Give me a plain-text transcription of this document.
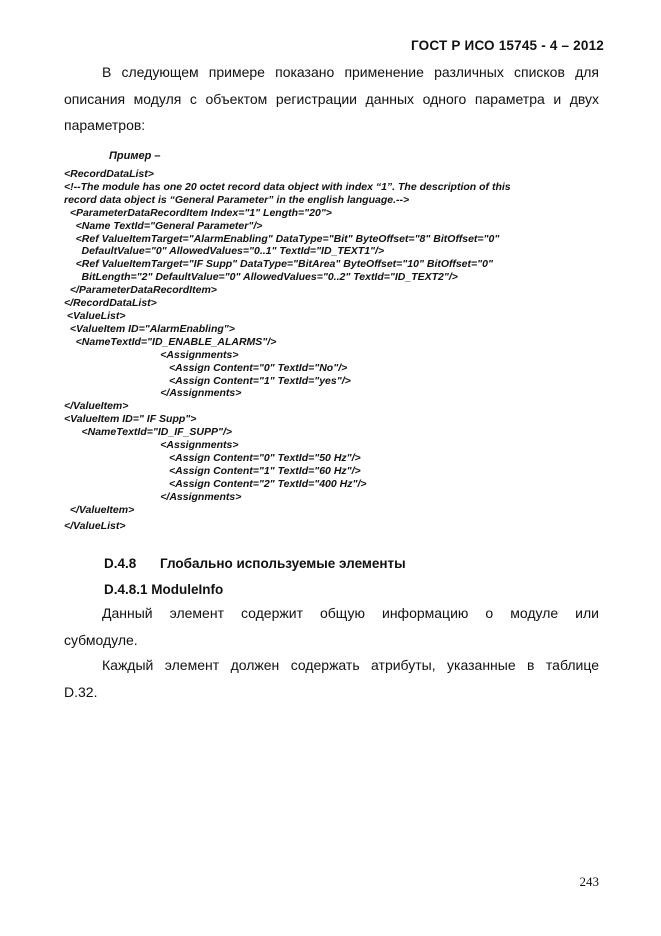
ГОСТ Р ИСО 15745 - 4 – 2012
В следующем примере показано применение различных списков для
описания модуля с объектом регистрации данных одного параметра и двух
параметров:
Пример –
<RecordDataList>
<!--The module has one 20 octet record data object with index “1”. The description of this
record data object is “General Parameter” in the english language.-->
<ParameterDataRecordItem Index="1" Length="20">
<Name TextId="General Parameter"/>
<Ref ValueItemTarget="AlarmEnabling" DataType="Bit" ByteOffset="8" BitOffset="0"
DefaultValue="0" AllowedValues="0..1" TextId="ID_TEXT1"/>
<Ref ValueItemTarget="IF Supp" DataType="BitArea" ByteOffset="10" BitOffset="0"
BitLength="2" DefaultValue="0" AllowedValues="0..2" TextId="ID_TEXT2"/>
</ParameterDataRecordItem>
</RecordDataList>
<ValueList>
<ValueItem ID="AlarmEnabling">
<NameTextId="ID_ENABLE_ALARMS"/>
<Assignments>
<Assign Content="0" TextId="No"/>
<Assign Content="1" TextId="yes"/>
</Assignments>
</ValueItem>
<ValueItem ID=" IF Supp">
<NameTextId="ID_IF_SUPP"/>
<Assignments>
<Assign Content="0" TextId="50 Hz"/>
<Assign Content="1" TextId="60 Hz"/>
<Assign Content="2" TextId="400 Hz"/>
</Assignments>
</ValueItem>
</ValueList>
D.4.8 Глобально используемые элементы
D.4.8.1 ModuleInfo
Данный элемент содержит общую информацию о модуле или
субмодуле.
Каждый элемент должен содержать атрибуты, указанные в таблице
D.32.
243
